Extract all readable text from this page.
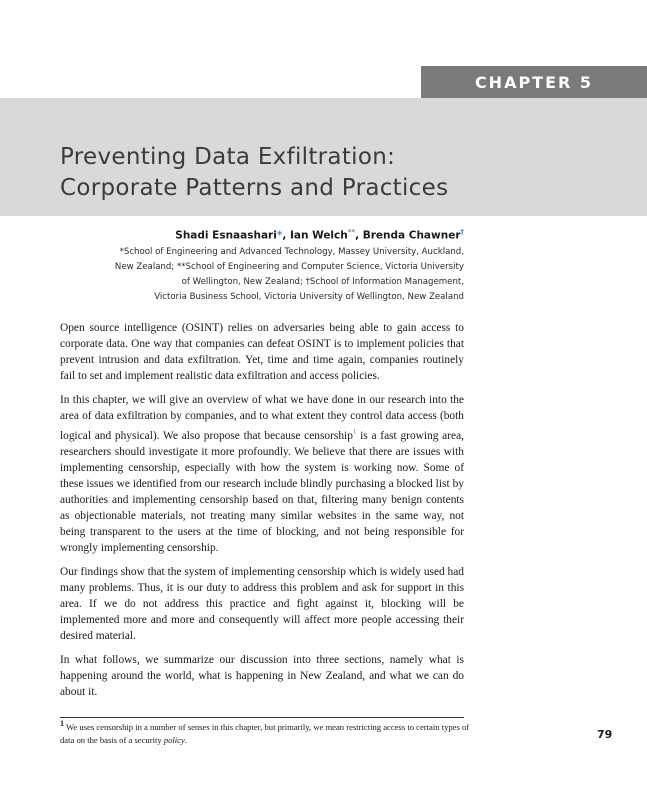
CHAPTER 5
Preventing Data Exfiltration:
Corporate Patterns and Practices
Shadi Esnaashari*, Ian Welch**, Brenda Chawner†
*School of Engineering and Advanced Technology, Massey University, Auckland,
New Zealand; **School of Engineering and Computer Science, Victoria University
of Wellington, New Zealand; †School of Information Management,
Victoria Business School, Victoria University of Wellington, New Zealand

Open source intelligence (OSINT) relies on adversaries being able to gain access to corporate data. One way that companies can defeat OSINT is to implement policies that prevent intrusion and data exfiltration. Yet, time and time again, companies routinely fail to set and implement realistic data exfiltration and access policies.

In this chapter, we will give an overview of what we have done in our research into the area of data exfiltration by companies, and to what extent they control data access (both logical and physical). We also propose that because censorship$^1$ is a fast growing area, researchers should investigate it more profoundly. We believe that there are issues with implementing censorship, especially with how the system is working now. Some of these issues we identified from our research include blindly purchasing a blocked list by authorities and implementing censorship based on that, filtering many benign contents as objectionable materials, not treating many similar websites in the same way, not being transparent to the users at the time of blocking, and not being responsible for wrongly implementing censorship.

Our findings show that the system of implementing censorship which is widely used had many problems. Thus, it is our duty to address this problem and ask for support in this area. If we do not address this practice and fight against it, blocking will be implemented more and more and consequently will affect more people accessing their desired material.

In what follows, we summarize our discussion into three sections, namely what is happening around the world, what is happening in New Zealand, and what we can do about it.

1 We uses censorship in a number of senses in this chapter, but primarily, we mean restricting access to certain types of data on the basis of a security policy.	79
